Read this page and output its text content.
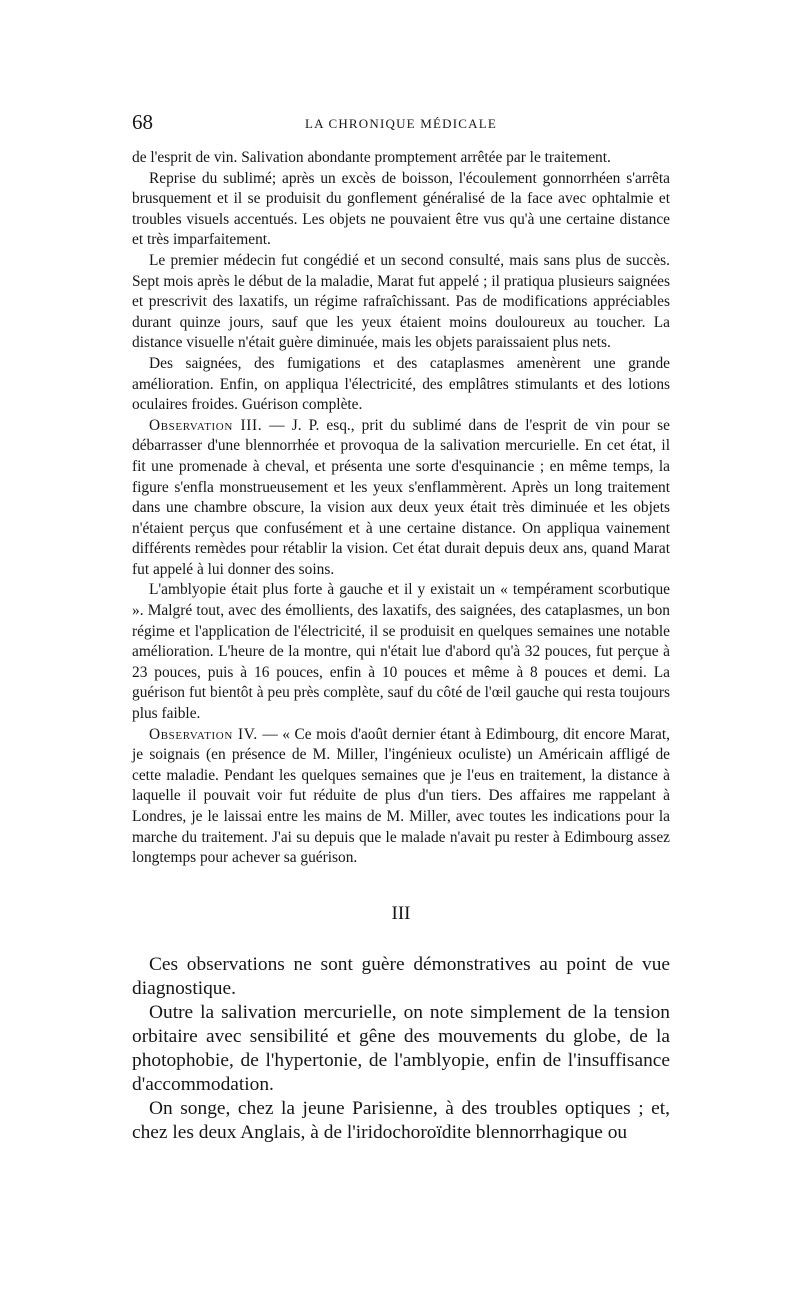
68	LA CHRONIQUE MÉDICALE

de l'esprit de vin. Salivation abondante promptement arrêtée par le traitement.

Reprise du sublimé; après un excès de boisson, l'écoulement gonnorrhéen s'arrêta brusquement et il se produisit du gonflement généralisé de la face avec ophtalmie et troubles visuels accentués. Les objets ne pouvaient être vus qu'à une certaine distance et très imparfaitement.

Le premier médecin fut congédié et un second consulté, mais sans plus de succès. Sept mois après le début de la maladie, Marat fut appelé ; il pratiqua plusieurs saignées et prescrivit des laxatifs, un régime rafraîchissant. Pas de modifications appréciables durant quinze jours, sauf que les yeux étaient moins douloureux au toucher. La distance visuelle n'était guère diminuée, mais les objets paraissaient plus nets.

Des saignées, des fumigations et des cataplasmes amenèrent une grande amélioration. Enfin, on appliqua l'électricité, des emplâtres stimulants et des lotions oculaires froides. Guérison complète.

Observation III. — J. P. esq., prit du sublimé dans de l'esprit de vin pour se débarrasser d'une blennorrhée et provoqua de la salivation mercurielle. En cet état, il fit une promenade à cheval, et présenta une sorte d'esquinancie ; en même temps, la figure s'enfla monstrueusement et les yeux s'enflammèrent. Après un long traitement dans une chambre obscure, la vision aux deux yeux était très diminuée et les objets n'étaient perçus que confusément et à une certaine distance. On appliqua vainement différents remèdes pour rétablir la vision. Cet état durait depuis deux ans, quand Marat fut appelé à lui donner des soins.

L'amblyopie était plus forte à gauche et il y existait un « tempérament scorbutique ». Malgré tout, avec des émollients, des laxatifs, des saignées, des cataplasmes, un bon régime et l'application de l'électricité, il se produisit en quelques semaines une notable amélioration. L'heure de la montre, qui n'était lue d'abord qu'à 32 pouces, fut perçue à 23 pouces, puis à 16 pouces, enfin à 10 pouces et même à 8 pouces et demi. La guérison fut bientôt à peu près complète, sauf du côté de l'œil gauche qui resta toujours plus faible.

Observation IV. — « Ce mois d'août dernier étant à Edimbourg, dit encore Marat, je soignais (en présence de M. Miller, l'ingénieux oculiste) un Américain affligé de cette maladie. Pendant les quelques semaines que je l'eus en traitement, la distance à laquelle il pouvait voir fut réduite de plus d'un tiers. Des affaires me rappelant à Londres, je le laissai entre les mains de M. Miller, avec toutes les indications pour la marche du traitement. J'ai su depuis que le malade n'avait pu rester à Edimbourg assez longtemps pour achever sa guérison.

III

Ces observations ne sont guère démonstratives au point de vue diagnostique.

Outre la salivation mercurielle, on note simplement de la tension orbitaire avec sensibilité et gêne des mouvements du globe, de la photophobie, de l'hypertonie, de l'amblyopie, enfin de l'insuffisance d'accommodation.

On songe, chez la jeune Parisienne, à des troubles optiques ; et, chez les deux Anglais, à de l'iridochoroïdite blennorrhagique ou
